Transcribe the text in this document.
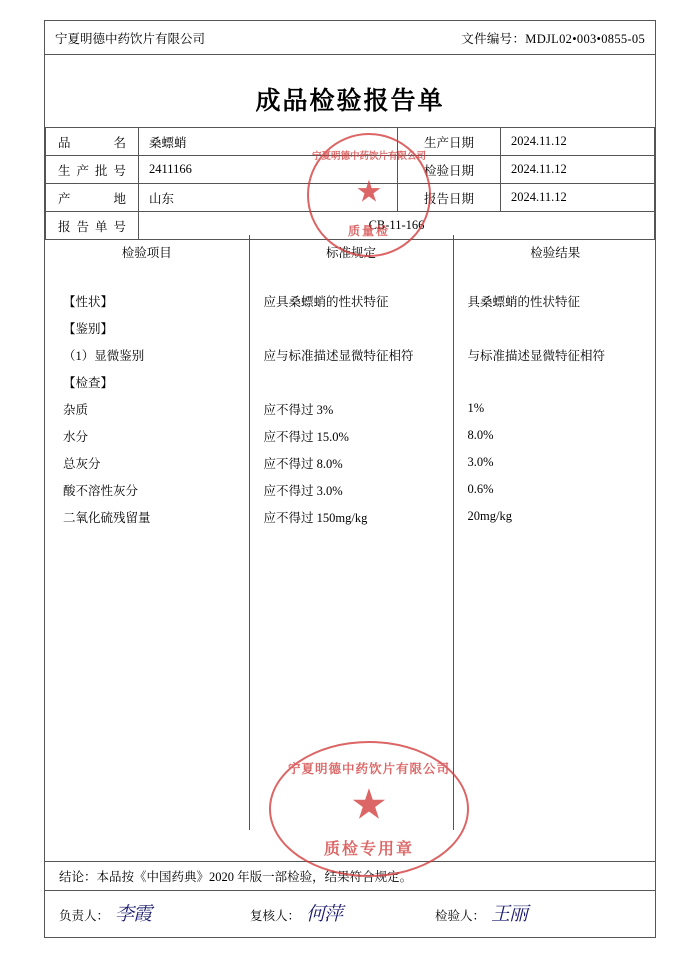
宁夏明德中药饮片有限公司	文件编号：MDJL02•003•0855-05
成品检验报告单
品　名	桑螵蛸	生产日期	2024.11.12
生产批号	2411166	检验日期	2024.11.12
产　地	山东	报告日期	2024.11.12
报告单号	CB-11-166		
检验项目	标准规定	检验结果

【性状】	应具桑螵蛸的性状特征	具桑螵蛸的性状特征
【鉴别】		
（1）显微鉴别	应与标准描述显微特征相符	与标准描述显微特征相符
【检查】		
杂质	应不得过 3%	1%
水分	应不得过 15.0%	8.0%
总灰分	应不得过 8.0%	3.0%
酸不溶性灰分	应不得过 3.0%	0.6%
二氧化硫残留量	应不得过 150mg/kg	20mg/kg

结论：本品按《中国药典》2020 年版一部检验，结果符合规定。
负责人： 李霞	复核人： 何萍	检验人： 王丽
宁夏明德中药饮片有限公司
★
质量检
宁夏明德中药饮片有限公司
★
质检专用章
